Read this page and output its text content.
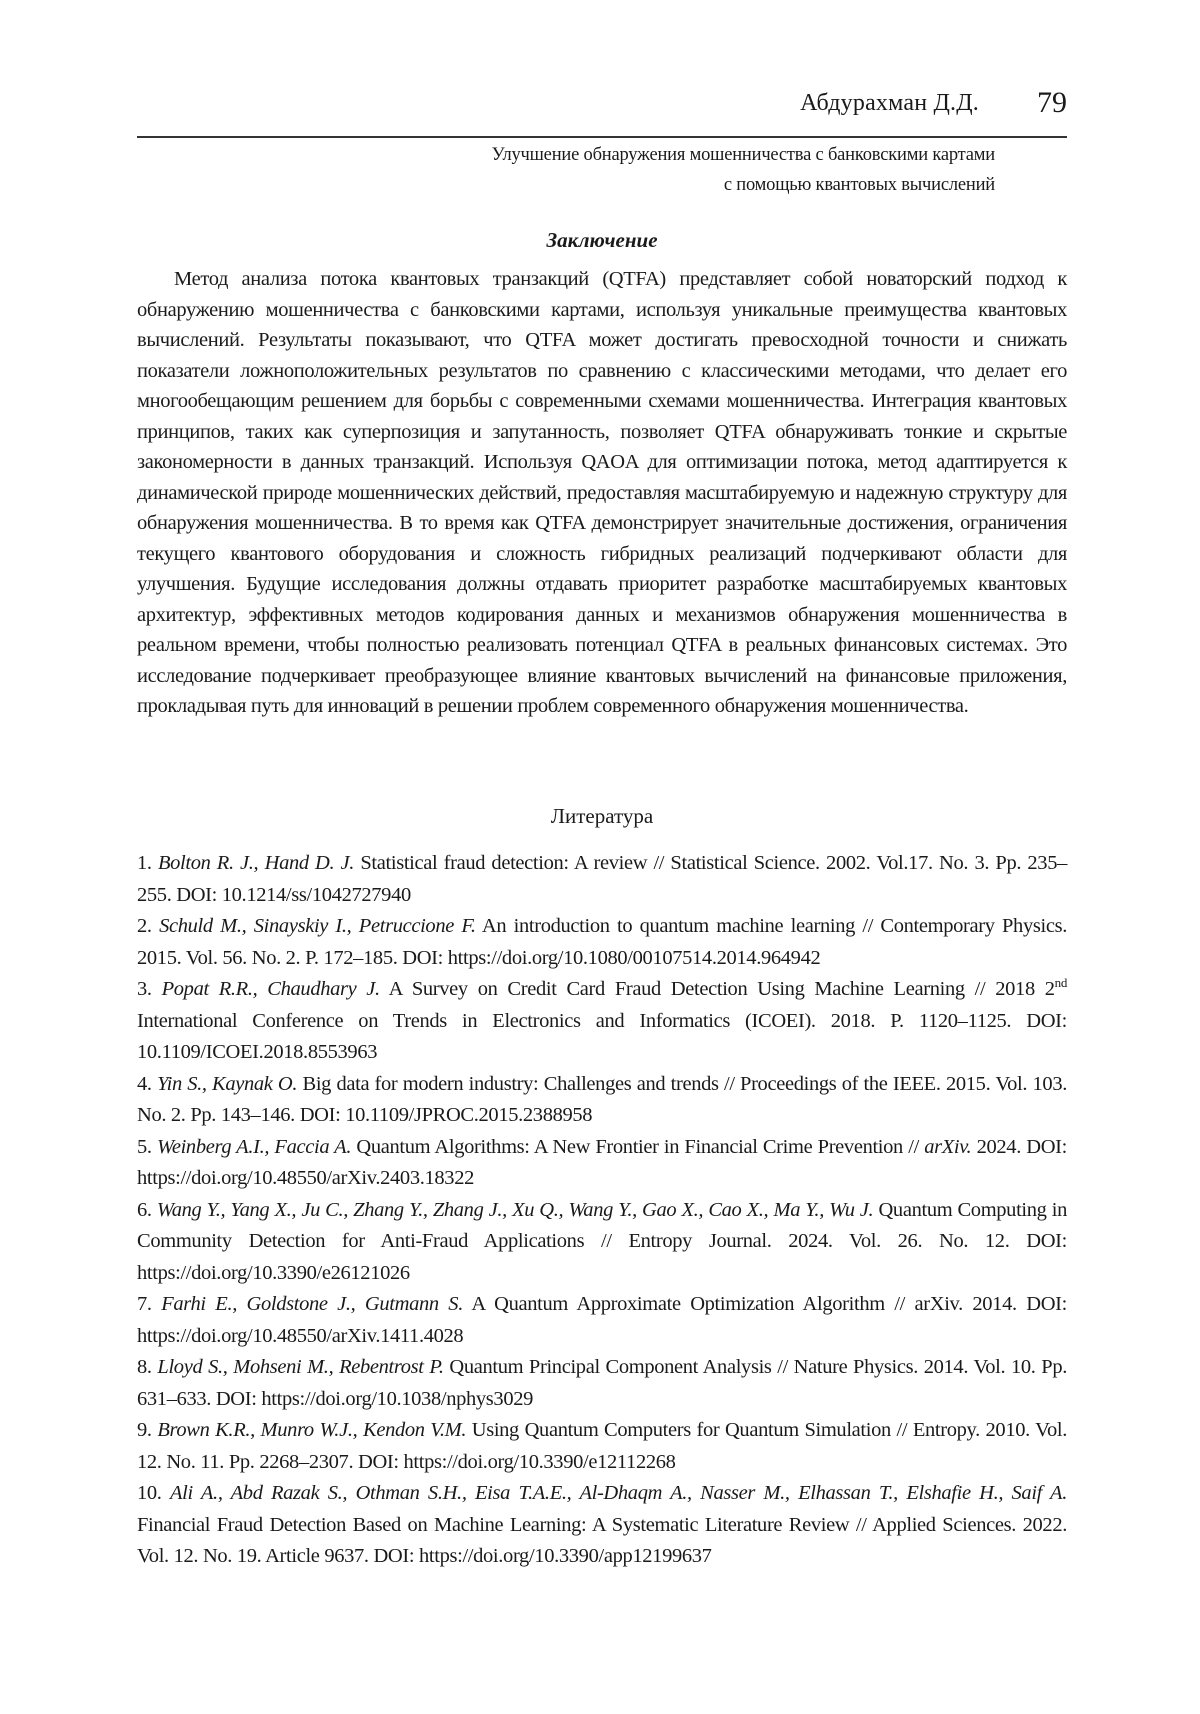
Абдурахман Д.Д. 79
Улучшение обнаружения мошенничества с банковскими картами
с помощью квантовых вычислений
Заключение

Метод анализа потока квантовых транзакций (QTFA) представляет собой новаторский подход к обнаружению мошенничества с банковскими картами, используя уникальные преимущества квантовых вычислений. Результаты показывают, что QTFA может достигать превосходной точности и снижать показатели ложноположительных результатов по сравнению с классическими методами, что делает его многообещающим решением для борьбы с современными схемами мошенничества. Интеграция квантовых принципов, таких как суперпозиция и запутанность, позволяет QTFA обнаруживать тонкие и скрытые закономерности в данных транзакций. Используя QAOA для оптимизации потока, метод адаптируется к динамической природе мошеннических действий, предоставляя масштабируемую и надежную структуру для обнаружения мошенничества. В то время как QTFA демонстрирует значительные достижения, ограничения текущего квантового оборудования и сложность гибридных реализаций подчеркивают области для улучшения. Будущие исследования должны отдавать приоритет разработке масштабируемых квантовых архитектур, эффективных методов кодирования данных и механизмов обнаружения мошенничества в реальном времени, чтобы полностью реализовать потенциал QTFA в реальных финансовых системах. Это исследование подчеркивает преобразующее влияние квантовых вычислений на финансовые приложения, прокладывая путь для инноваций в решении проблем современного обнаружения мошенничества.

Литература
1. Bolton R. J., Hand D. J. Statistical fraud detection: A review // Statistical Science. 2002. Vol.17. No. 3. Pp. 235–255. DOI: 10.1214/ss/1042727940
2. Schuld M., Sinayskiy I., Petruccione F. An introduction to quantum machine learning // Contemporary Physics. 2015. Vol. 56. No. 2. P. 172–185. DOI: https://doi.org/10.1080/00107514.2014.964942
3. Popat R.R., Chaudhary J. A Survey on Credit Card Fraud Detection Using Machine Learning // 2018 2nd International Conference on Trends in Electronics and Informatics (ICOEI). 2018. P. 1120–1125. DOI: 10.1109/ICOEI.2018.8553963
4. Yin S., Kaynak O. Big data for modern industry: Challenges and trends // Proceedings of the IEEE. 2015. Vol. 103. No. 2. Pp. 143–146. DOI: 10.1109/JPROC.2015.2388958
5. Weinberg A.I., Faccia A. Quantum Algorithms: A New Frontier in Financial Crime Prevention // arXiv. 2024. DOI: https://doi.org/10.48550/arXiv.2403.18322
6. Wang Y., Yang X., Ju C., Zhang Y., Zhang J., Xu Q., Wang Y., Gao X., Cao X., Ma Y., Wu J. Quantum Computing in Community Detection for Anti-Fraud Applications // Entropy Journal. 2024. Vol. 26. No. 12. DOI: https://doi.org/10.3390/e26121026
7. Farhi E., Goldstone J., Gutmann S. A Quantum Approximate Optimization Algorithm // arXiv. 2014. DOI: https://doi.org/10.48550/arXiv.1411.4028
8. Lloyd S., Mohseni M., Rebentrost P. Quantum Principal Component Analysis // Nature Physics. 2014. Vol. 10. Pp. 631–633. DOI: https://doi.org/10.1038/nphys3029
9. Brown K.R., Munro W.J., Kendon V.M. Using Quantum Computers for Quantum Simulation // Entropy. 2010. Vol. 12. No. 11. Pp. 2268–2307. DOI: https://doi.org/10.3390/e12112268
10. Ali A., Abd Razak S., Othman S.H., Eisa T.A.E., Al-Dhaqm A., Nasser M., Elhassan T., Elshafie H., Saif A. Financial Fraud Detection Based on Machine Learning: A Systematic Literature Review // Applied Sciences. 2022. Vol. 12. No. 19. Article 9637. DOI: https://doi.org/10.3390/app12199637
